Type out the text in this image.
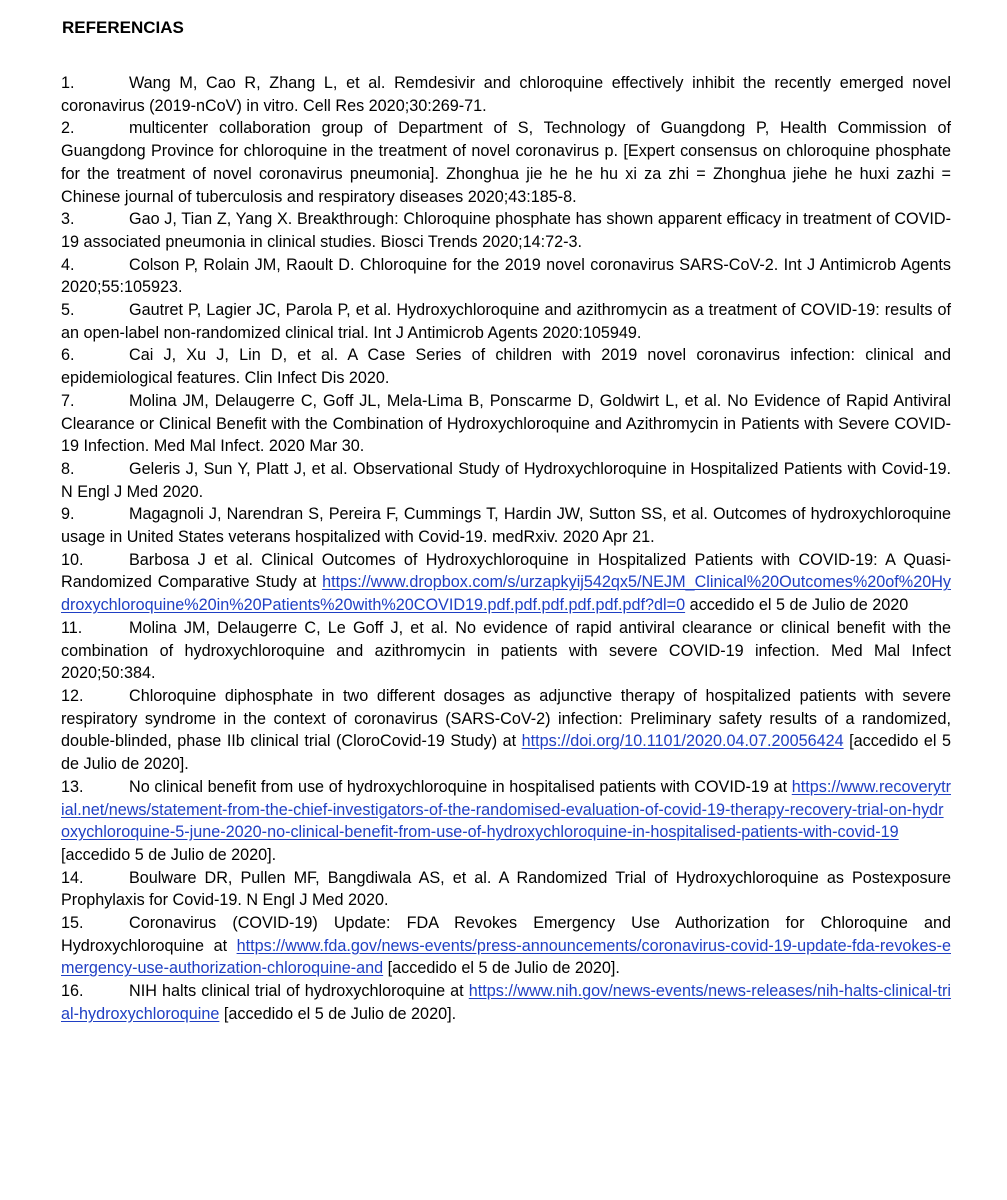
REFERENCIAS
1.	Wang M, Cao R, Zhang L, et al. Remdesivir and chloroquine effectively inhibit the recently emerged novel coronavirus (2019-nCoV) in vitro. Cell Res 2020;30:269-71.
2.	multicenter collaboration group of Department of S, Technology of Guangdong P, Health Commission of Guangdong Province for chloroquine in the treatment of novel coronavirus p. [Expert consensus on chloroquine phosphate for the treatment of novel coronavirus pneumonia]. Zhonghua jie he he hu xi za zhi = Zhonghua jiehe he huxi zazhi = Chinese journal of tuberculosis and respiratory diseases 2020;43:185-8.
3.	Gao J, Tian Z, Yang X. Breakthrough: Chloroquine phosphate has shown apparent efficacy in treatment of COVID-19 associated pneumonia in clinical studies. Biosci Trends 2020;14:72-3.
4.	Colson P, Rolain JM, Raoult D. Chloroquine for the 2019 novel coronavirus SARS-CoV-2. Int J Antimicrob Agents 2020;55:105923.
5.	Gautret P, Lagier JC, Parola P, et al. Hydroxychloroquine and azithromycin as a treatment of COVID-19: results of an open-label non-randomized clinical trial. Int J Antimicrob Agents 2020:105949.
6.	Cai J, Xu J, Lin D, et al. A Case Series of children with 2019 novel coronavirus infection: clinical and epidemiological features. Clin Infect Dis 2020.
7.	Molina JM, Delaugerre C, Goff JL, Mela-Lima B, Ponscarme D, Goldwirt L, et al. No Evidence of Rapid Antiviral Clearance or Clinical Benefit with the Combination of Hydroxychloroquine and Azithromycin in Patients with Severe COVID-19 Infection. Med Mal Infect. 2020 Mar 30.
8.	Geleris J, Sun Y, Platt J, et al. Observational Study of Hydroxychloroquine in Hospitalized Patients with Covid-19. N Engl J Med 2020.
9.	Magagnoli J, Narendran S, Pereira F, Cummings T, Hardin JW, Sutton SS, et al. Outcomes of hydroxychloroquine usage in United States veterans hospitalized with Covid-19. medRxiv. 2020 Apr 21.
10.	Barbosa J et al. Clinical Outcomes of Hydroxychloroquine in Hospitalized Patients with COVID-19: A Quasi-Randomized Comparative Study at https://www.dropbox.com/s/urzapkyij542qx5/NEJM_Clinical%20Outcomes%20of%20Hydroxychloroquine%20in%20Patients%20with%20COVID19.pdf.pdf.pdf.pdf.pdf.pdf?dl=0 accedido el 5 de Julio de 2020
11.	Molina JM, Delaugerre C, Le Goff J, et al. No evidence of rapid antiviral clearance or clinical benefit with the combination of hydroxychloroquine and azithromycin in patients with severe COVID-19 infection. Med Mal Infect 2020;50:384.
12.	Chloroquine diphosphate in two different dosages as adjunctive therapy of hospitalized patients with severe respiratory syndrome in the context of coronavirus (SARS-CoV-2) infection: Preliminary safety results of a randomized, double-blinded, phase IIb clinical trial (CloroCovid-19 Study) at https://doi.org/10.1101/2020.04.07.20056424 [accedido el 5 de Julio de 2020].
13.	No clinical benefit from use of hydroxychloroquine in hospitalised patients with COVID-19 at https://www.recoverytrial.net/news/statement-from-the-chief-investigators-of-the-randomised-evaluation-of-covid-19-therapy-recovery-trial-on-hydroxychloroquine-5-june-2020-no-clinical-benefit-from-use-of-hydroxychloroquine-in-hospitalised-patients-with-covid-19 [accedido 5 de Julio de 2020].
14.	Boulware DR, Pullen MF, Bangdiwala AS, et al. A Randomized Trial of Hydroxychloroquine as Postexposure Prophylaxis for Covid-19. N Engl J Med 2020.
15.	Coronavirus (COVID-19) Update: FDA Revokes Emergency Use Authorization for Chloroquine and Hydroxychloroquine at https://www.fda.gov/news-events/press-announcements/coronavirus-covid-19-update-fda-revokes-emergency-use-authorization-chloroquine-and [accedido el 5 de Julio de 2020].
16.	NIH halts clinical trial of hydroxychloroquine at https://www.nih.gov/news-events/news-releases/nih-halts-clinical-trial-hydroxychloroquine [accedido el 5 de Julio de 2020].
